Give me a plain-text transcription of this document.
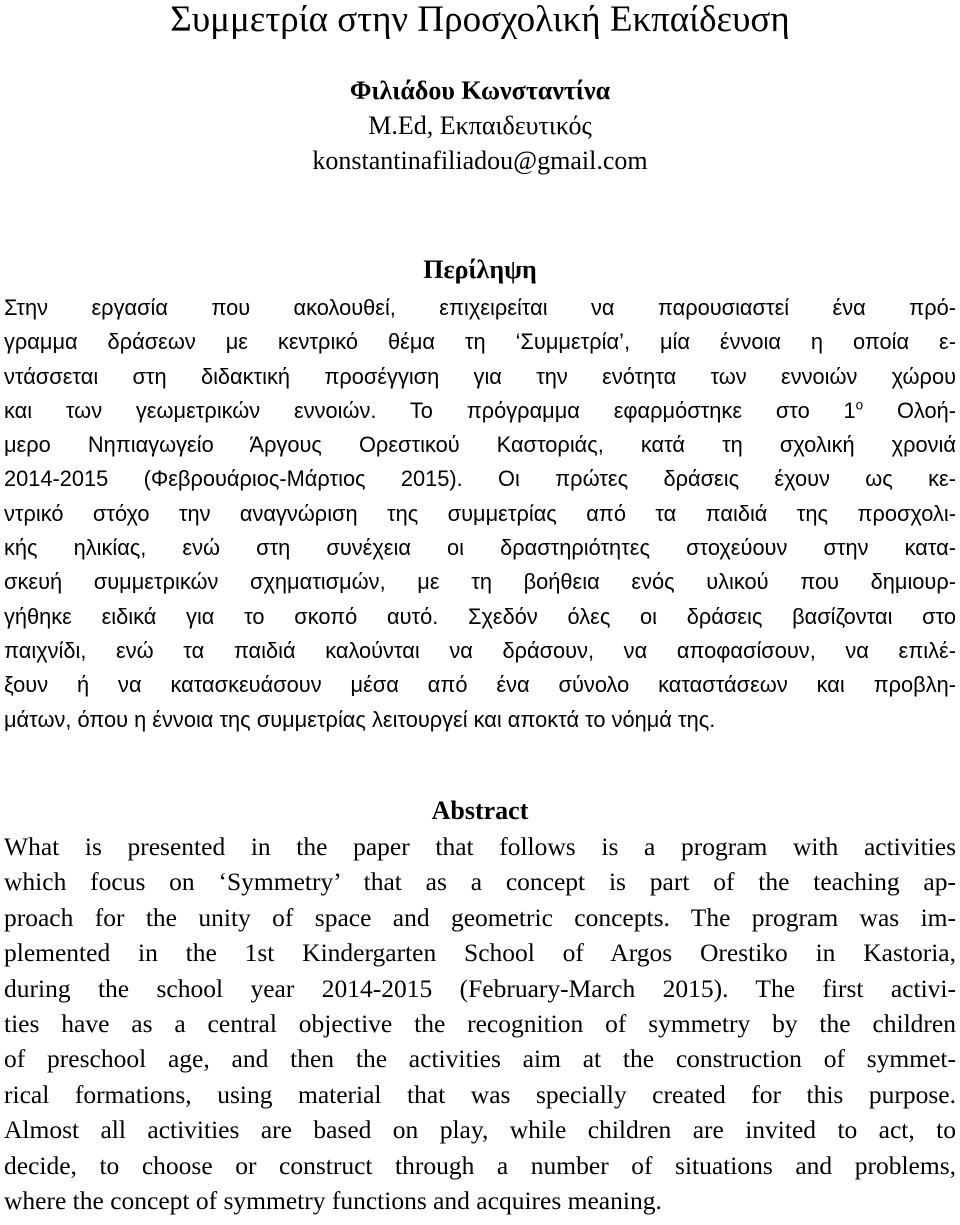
Συμμετρία στην Προσχολική Εκπαίδευση
Φιλιάδου Κωνσταντίνα
M.Ed, Εκπαιδευτικός
konstantinafiliadou@gmail.com
Περίληψη
Στην εργασία που ακολουθεί, επιχειρείται να παρουσιαστεί ένα πρό-
γραμμα δράσεων με κεντρικό θέμα τη ‘Συμμετρία’, μία έννοια η οποία ε-
ντάσσεται στη διδακτική προσέγγιση για την ενότητα των εννοιών χώρου
και των γεωμετρικών εννοιών. Το πρόγραμμα εφαρμόστηκε στο $1^o$ Ολοή-
μερο Νηπιαγωγείο Άργους Ορεστικού Καστοριάς, κατά τη σχολική χρονιά
2014-2015 (Φεβρουάριος-Μάρτιος 2015). Οι πρώτες δράσεις έχουν ως κε-
ντρικό στόχο την αναγνώριση της συμμετρίας από τα παιδιά της προσχολι-
κής ηλικίας, ενώ στη συνέχεια οι δραστηριότητες στοχεύουν στην κατα-
σκευή συμμετρικών σχηματισμών, με τη βοήθεια ενός υλικού που δημιουρ-
γήθηκε ειδικά για το σκοπό αυτό. Σχεδόν όλες οι δράσεις βασίζονται στο
παιχνίδι, ενώ τα παιδιά καλούνται να δράσουν, να αποφασίσουν, να επιλέ-
ξουν ή να κατασκευάσουν μέσα από ένα σύνολο καταστάσεων και προβλη-
μάτων, όπου η έννοια της συμμετρίας λειτουργεί και αποκτά το νόημά της.
Abstract
What is presented in the paper that follows is a program with activities
which focus on ‘Symmetry’ that as a concept is part of the teaching ap-
proach for the unity of space and geometric concepts. The program was im-
plemented in the 1st Kindergarten School of Argos Orestiko in Kastoria,
during the school year 2014-2015 (February-March 2015). The first activi-
ties have as a central objective the recognition of symmetry by the children
of preschool age, and then the activities aim at the construction of symmet-
rical formations, using material that was specially created for this purpose.
Almost all activities are based on play, while children are invited to act, to
decide, to choose or construct through a number of situations and problems,
where the concept of symmetry functions and acquires meaning.
